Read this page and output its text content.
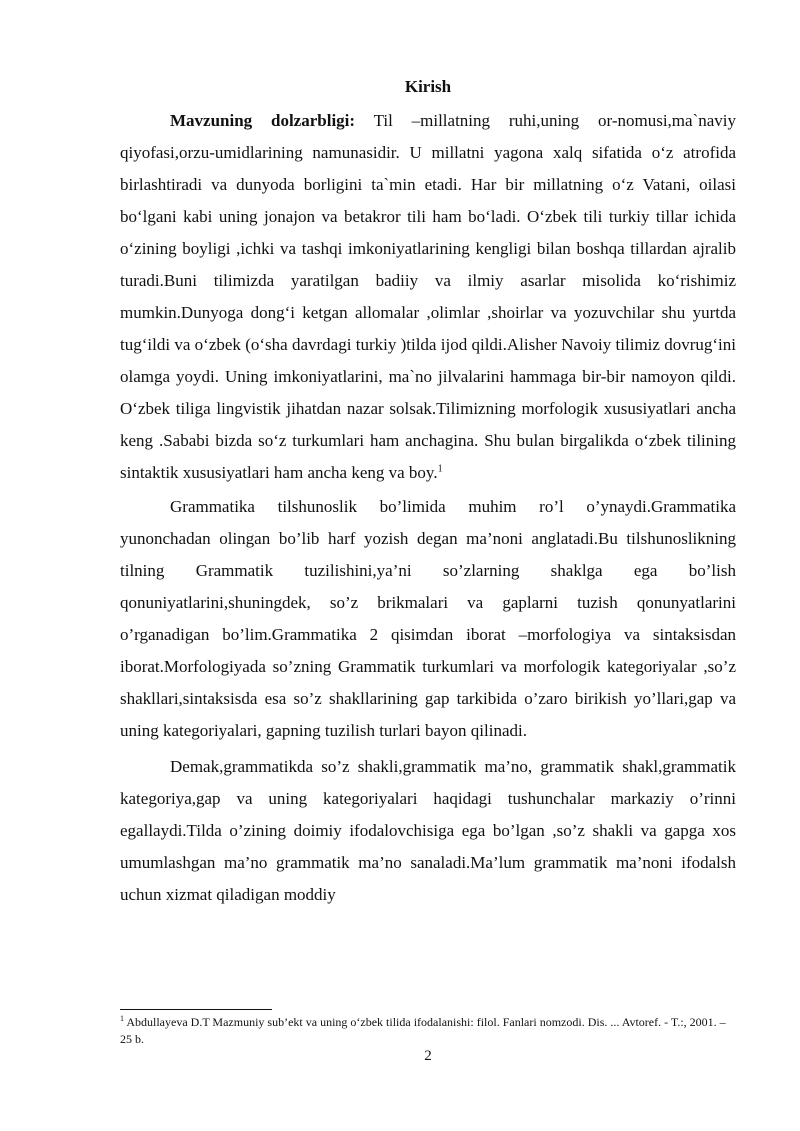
Kirish

Mavzuning dolzarbligi: Til –millatning ruhi,uning or-nomusi,ma`naviy qiyofasi,orzu-umidlarining namunasidir. U millatni yagona xalq sifatida o‘z atrofida birlashtiradi va dunyoda borligini ta`min etadi. Har bir millatning o‘z Vatani, oilasi bo‘lgani kabi uning jonajon va betakror tili ham bo‘ladi. O‘zbek tili turkiy tillar ichida o‘zining boyligi ,ichki va tashqi imkoniyatlarining kengligi bilan boshqa tillardan ajralib turadi.Buni tilimizda yaratilgan badiiy va ilmiy asarlar misolida ko‘rishimiz mumkin.Dunyoga dong‘i ketgan allomalar ,olimlar ,shoirlar va yozuvchilar shu yurtda tug‘ildi va o‘zbek (o‘sha davrdagi turkiy )tilda ijod qildi.Alisher Navoiy tilimiz dovrug‘ini olamga yoydi. Uning imkoniyatlarini, ma`no jilvalarini hammaga bir-bir namoyon qildi. O‘zbek tiliga lingvistik jihatdan nazar solsak.Tilimizning morfologik xususiyatlari ancha keng .Sababi bizda so‘z turkumlari ham anchagina. Shu bulan birgalikda o‘zbek tilining sintaktik xususiyatlari ham ancha keng va boy.$^1$

Grammatika tilshunoslik bo’limida muhim ro’l o’ynaydi.Grammatika yunonchadan olingan bo’lib harf yozish degan ma’noni anglatadi.Bu tilshunoslikning tilning Grammatik tuzilishini,ya’ni so’zlarning shaklga ega bo’lish qonuniyatlarini,shuningdek, so’z brikmalari va gaplarni tuzish qonunyatlarini o’rganadigan bo’lim.Grammatika 2 qisimdan iborat –morfologiya va sintaksisdan iborat.Morfologiyada so’zning Grammatik turkumlari va morfologik kategoriyalar ,so’z shakllari,sintaksisda esa so’z shakllarining gap tarkibida o’zaro birikish yo’llari,gap va uning kategoriyalari, gapning tuzilish turlari bayon qilinadi.

Demak,grammatikda so’z shakli,grammatik ma’no, grammatik shakl,grammatik kategoriya,gap va uning kategoriyalari haqidagi tushunchalar markaziy o’rinni egallaydi.Tilda o’zining doimiy ifodalovchisiga ega bo’lgan ,so’z shakli va gapga xos umumlashgan ma’no grammatik ma’no sanaladi.Ma’lum grammatik ma’noni ifodalsh uchun xizmat qiladigan moddiy

$^1$ Abdullayeva D.T Mazmuniy sub’ekt va uning o‘zbek tilida ifodalanishi: filol. Fanlari nomzodi. Dis. ... Avtoref. - T.:, 2001. – 25 b.
2
